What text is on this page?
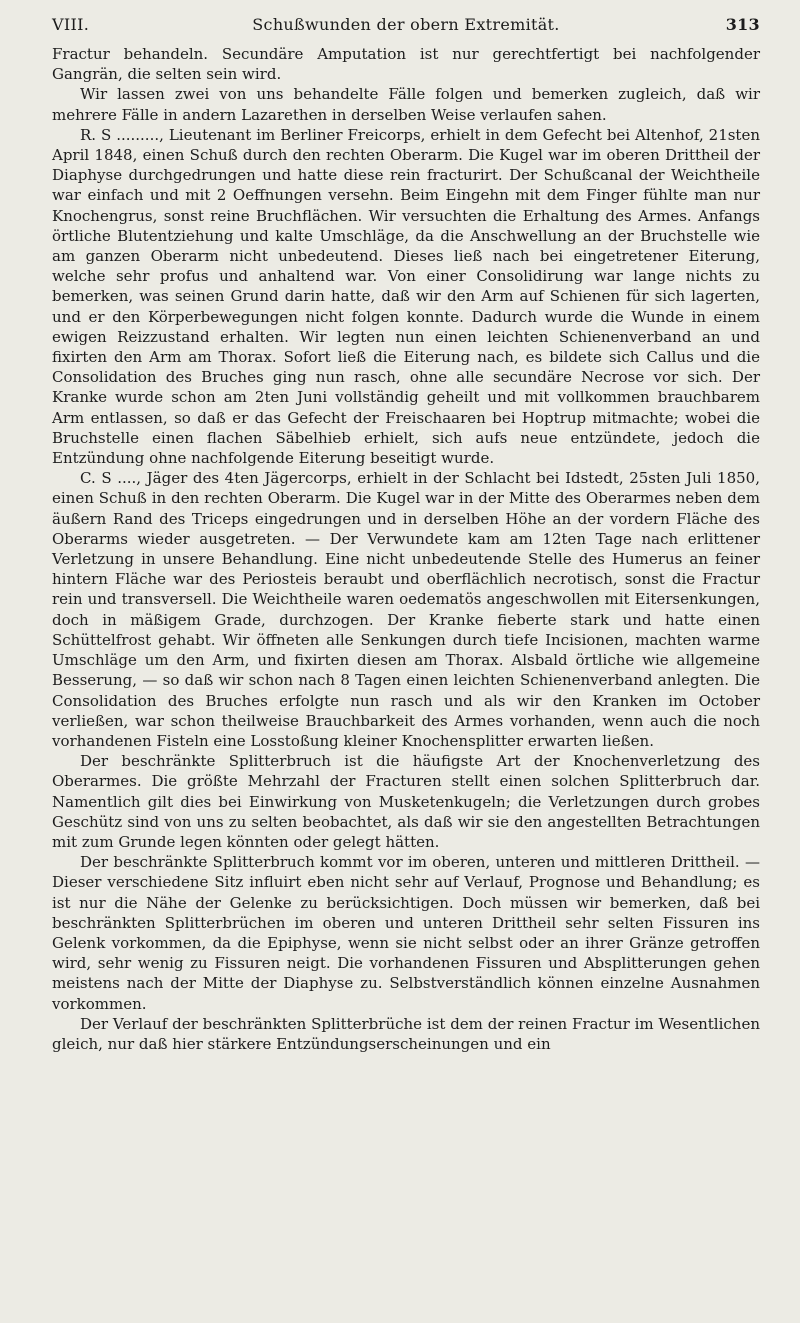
VIII.	Schußwunden der obern Extremität.	313

Fractur behandeln. Secundäre Amputation ist nur gerechtfertigt bei nachfolgender Gangrän, die selten sein wird.

Wir lassen zwei von uns behandelte Fälle folgen und bemerken zugleich, daß wir mehrere Fälle in andern Lazarethen in derselben Weise verlaufen sahen.

R. S ........., Lieutenant im Berliner Freicorps, erhielt in dem Gefecht bei Altenhof, 21sten April 1848, einen Schuß durch den rechten Oberarm. Die Kugel war im oberen Drittheil der Diaphyse durchgedrungen und hatte diese rein fracturirt. Der Schußcanal der Weichtheile war einfach und mit 2 Oeffnungen versehn. Beim Eingehn mit dem Finger fühlte man nur Knochengrus, sonst reine Bruchflächen. Wir versuchten die Erhaltung des Armes. Anfangs örtliche Blutentziehung und kalte Umschläge, da die Anschwellung an der Bruchstelle wie am ganzen Oberarm nicht unbedeutend. Dieses ließ nach bei eingetretener Eiterung, welche sehr profus und anhaltend war. Von einer Consolidirung war lange nichts zu bemerken, was seinen Grund darin hatte, daß wir den Arm auf Schienen für sich lagerten, und er den Körperbewegungen nicht folgen konnte. Dadurch wurde die Wunde in einem ewigen Reizzustand erhalten. Wir legten nun einen leichten Schienenverband an und fixirten den Arm am Thorax. Sofort ließ die Eiterung nach, es bildete sich Callus und die Consolidation des Bruches ging nun rasch, ohne alle secundäre Necrose vor sich. Der Kranke wurde schon am 2ten Juni vollständig geheilt und mit vollkommen brauchbarem Arm entlassen, so daß er das Gefecht der Freischaaren bei Hoptrup mitmachte; wobei die Bruchstelle einen flachen Säbelhieb erhielt, sich aufs neue entzündete, jedoch die Entzündung ohne nachfolgende Eiterung beseitigt wurde.

C. S ...., Jäger des 4ten Jägercorps, erhielt in der Schlacht bei Idstedt, 25sten Juli 1850, einen Schuß in den rechten Oberarm. Die Kugel war in der Mitte des Oberarmes neben dem äußern Rand des Triceps eingedrungen und in derselben Höhe an der vordern Fläche des Oberarms wieder ausgetreten. — Der Verwundete kam am 12ten Tage nach erlittener Verletzung in unsere Behandlung. Eine nicht unbedeutende Stelle des Humerus an feiner hintern Fläche war des Periosteis beraubt und oberflächlich necrotisch, sonst die Fractur rein und transversell. Die Weichtheile waren oedematös angeschwollen mit Eitersenkungen, doch in mäßigem Grade, durchzogen. Der Kranke fieberte stark und hatte einen Schüttelfrost gehabt. Wir öffneten alle Senkungen durch tiefe Incisionen, machten warme Umschläge um den Arm, und fixirten diesen am Thorax. Alsbald örtliche wie allgemeine Besserung, — so daß wir schon nach 8 Tagen einen leichten Schienenverband anlegten. Die Consolidation des Bruches erfolgte nun rasch und als wir den Kranken im October verließen, war schon theilweise Brauchbarkeit des Armes vorhanden, wenn auch die noch vorhandenen Fisteln eine Losstoßung kleiner Knochensplitter erwarten ließen.

Der beschränkte Splitterbruch ist die häufigste Art der Knochenverletzung des Oberarmes. Die größte Mehrzahl der Fracturen stellt einen solchen Splitterbruch dar. Namentlich gilt dies bei Einwirkung von Musketenkugeln; die Verletzungen durch grobes Geschütz sind von uns zu selten beobachtet, als daß wir sie den angestellten Betrachtungen mit zum Grunde legen könnten oder gelegt hätten.

Der beschränkte Splitterbruch kommt vor im oberen, unteren und mittleren Drittheil. — Dieser verschiedene Sitz influirt eben nicht sehr auf Verlauf, Prognose und Behandlung; es ist nur die Nähe der Gelenke zu berücksichtigen. Doch müssen wir bemerken, daß bei beschränkten Splitterbrüchen im oberen und unteren Drittheil sehr selten Fissuren ins Gelenk vorkommen, da die Epiphyse, wenn sie nicht selbst oder an ihrer Gränze getroffen wird, sehr wenig zu Fissuren neigt. Die vorhandenen Fissuren und Absplitterungen gehen meistens nach der Mitte der Diaphyse zu. Selbstverständlich können einzelne Ausnahmen vorkommen.

Der Verlauf der beschränkten Splitterbrüche ist dem der reinen Fractur im Wesentlichen gleich, nur daß hier stärkere Entzündungserscheinungen und ein
